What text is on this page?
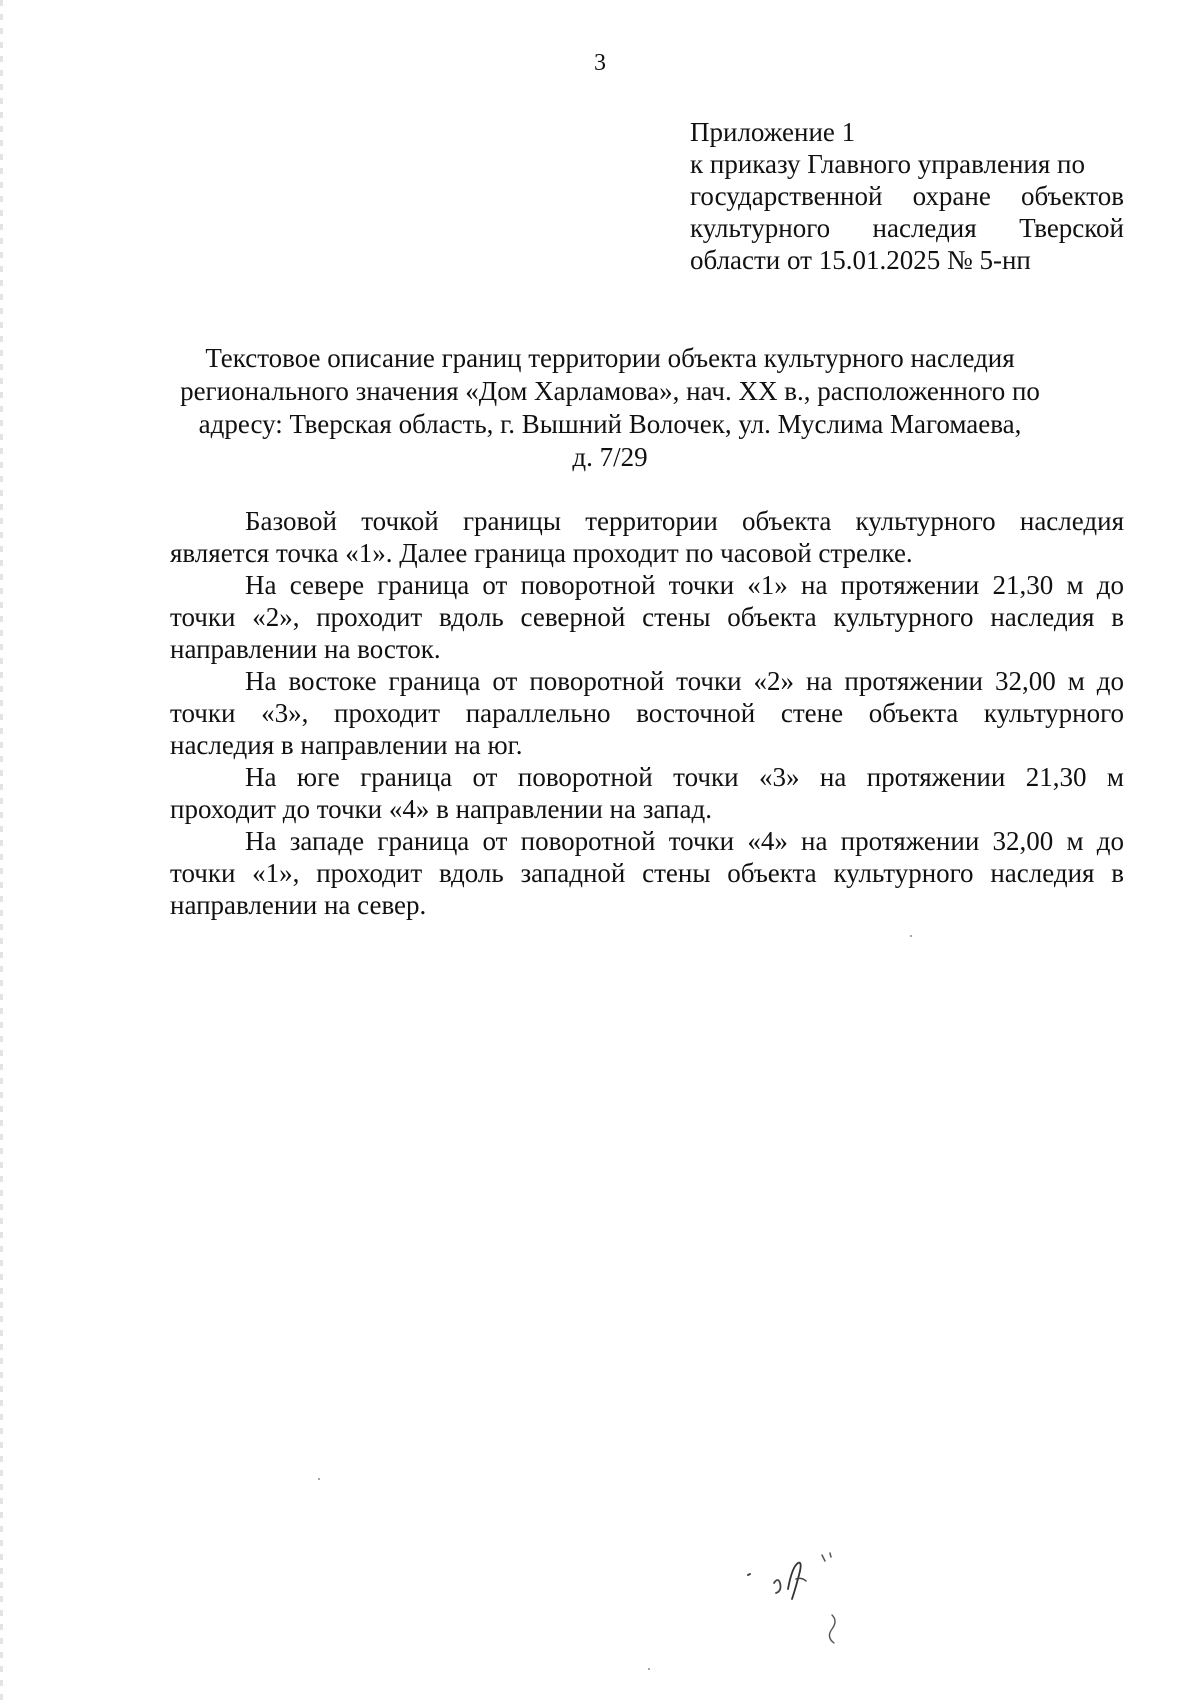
3
Приложение 1
к приказу Главного управления по
государственной охране объектов
культурного наследия Тверской
области от 15.01.2025 № 5-нп
Текстовое описание границ территории объекта культурного наследия
регионального значения «Дом Харламова», нач. XX в., расположенного по
адресу: Тверская область, г. Вышний Волочек, ул. Муслима Магомаева,
д. 7/29

Базовой точкой границы территории объекта культурного наследия
является точка «1». Далее граница проходит по часовой стрелке.

На севере граница от поворотной точки «1» на протяжении 21,30 м до
точки «2», проходит вдоль северной стены объекта культурного наследия в
направлении на восток.

На востоке граница от поворотной точки «2» на протяжении 32,00 м до
точки «3», проходит параллельно восточной стене объекта культурного
наследия в направлении на юг.

На юге граница от поворотной точки «3» на протяжении 21,30 м
проходит до точки «4» в направлении на запад.

На западе граница от поворотной точки «4» на протяжении 32,00 м до
точки «1», проходит вдоль западной стены объекта культурного наследия в
направлении на север.
